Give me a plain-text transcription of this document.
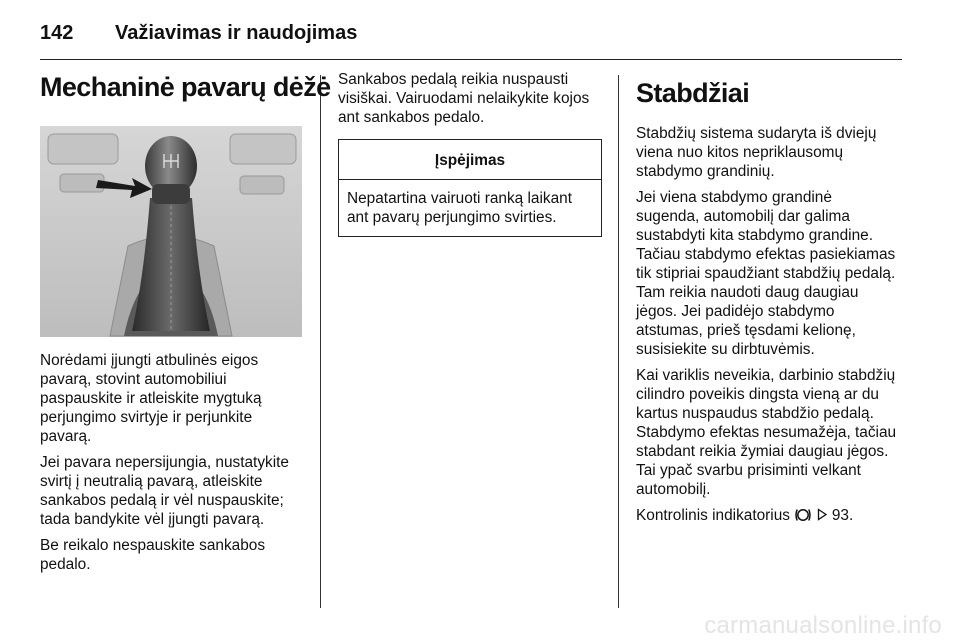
142 Važiavimas ir naudojimas
Mechaninė pavarų dėžė

Norėdami įjungti atbulinės eigos pavarą, stovint automobiliui paspauskite ir atleiskite mygtuką perjungimo svirtyje ir perjunkite pavarą.

Jei pavara nepersijungia, nustatykite svirtį į neutralią pavarą, atleiskite sankabos pedalą ir vėl nuspauskite; tada bandykite vėl įjungti pavarą.

Be reikalo nespauskite sankabos pedalo.

Sankabos pedalą reikia nuspausti visiškai. Vairuodami nelaikykite kojos ant sankabos pedalo.

Įspėjimas
Nepatartina vairuoti ranką laikant ant pavarų perjungimo svirties.
Stabdžiai

Stabdžių sistema sudaryta iš dviejų viena nuo kitos nepriklausomų stabdymo grandinių.

Jei viena stabdymo grandinė sugenda, automobilį dar galima sustabdyti kita stabdymo grandine. Tačiau stabdymo efektas pasiekiamas tik stipriai spaudžiant stabdžių pedalą. Tam reikia naudoti daug daugiau jėgos. Jei padidėjo stabdymo atstumas, prieš tęsdami kelionę, susisiekite su dirbtuvėmis.

Kai variklis neveikia, darbinio stabdžių cilindro poveikis dingsta vieną ar du kartus nuspaudus stabdžio pedalą. Stabdymo efektas nesumažėja, tačiau stabdant reikia žymiai daugiau jėgos. Tai ypač svarbu prisiminti velkant automobilį.

Kontrolinis indikatorius	93.

carmanualsonline.info
